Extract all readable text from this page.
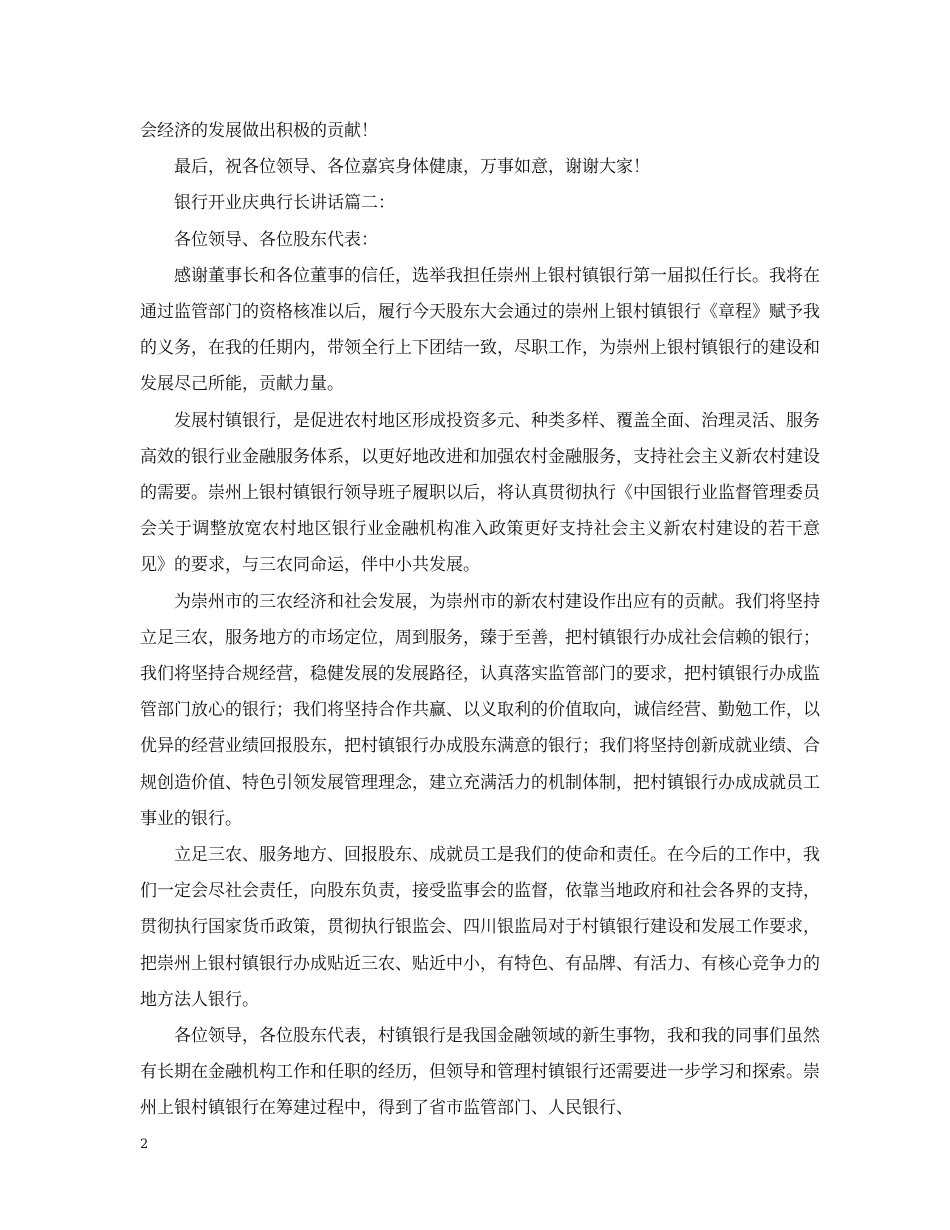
会经济的发展做出积极的贡献！

最后，祝各位领导、各位嘉宾身体健康，万事如意，谢谢大家！

银行开业庆典行长讲话篇二：

各位领导、各位股东代表：

感谢董事长和各位董事的信任，选举我担任崇州上银村镇银行第一届拟任行长。我将在通过监管部门的资格核准以后，履行今天股东大会通过的崇州上银村镇银行《章程》赋予我的义务，在我的任期内，带领全行上下团结一致，尽职工作，为崇州上银村镇银行的建设和发展尽己所能，贡献力量。

发展村镇银行，是促进农村地区形成投资多元、种类多样、覆盖全面、治理灵活、服务高效的银行业金融服务体系，以更好地改进和加强农村金融服务，支持社会主义新农村建设的需要。崇州上银村镇银行领导班子履职以后，将认真贯彻执行《中国银行业监督管理委员会关于调整放宽农村地区银行业金融机构准入政策更好支持社会主义新农村建设的若干意见》的要求，与三农同命运，伴中小共发展。

为崇州市的三农经济和社会发展，为崇州市的新农村建设作出应有的贡献。我们将坚持立足三农，服务地方的市场定位，周到服务，臻于至善，把村镇银行办成社会信赖的银行；我们将坚持合规经营，稳健发展的发展路径，认真落实监管部门的要求，把村镇银行办成监管部门放心的银行；我们将坚持合作共赢、以义取利的价值取向，诚信经营、勤勉工作，以优异的经营业绩回报股东，把村镇银行办成股东满意的银行；我们将坚持创新成就业绩、合规创造价值、特色引领发展管理理念，建立充满活力的机制体制，把村镇银行办成成就员工事业的银行。

立足三农、服务地方、回报股东、成就员工是我们的使命和责任。在今后的工作中，我们一定会尽社会责任，向股东负责，接受监事会的监督，依靠当地政府和社会各界的支持，贯彻执行国家货币政策，贯彻执行银监会、四川银监局对于村镇银行建设和发展工作要求，把崇州上银村镇银行办成贴近三农、贴近中小，有特色、有品牌、有活力、有核心竞争力的地方法人银行。

各位领导，各位股东代表，村镇银行是我国金融领域的新生事物，我和我的同事们虽然有长期在金融机构工作和任职的经历，但领导和管理村镇银行还需要进一步学习和探索。崇州上银村镇银行在筹建过程中，得到了省市监管部门、人民银行、

2
